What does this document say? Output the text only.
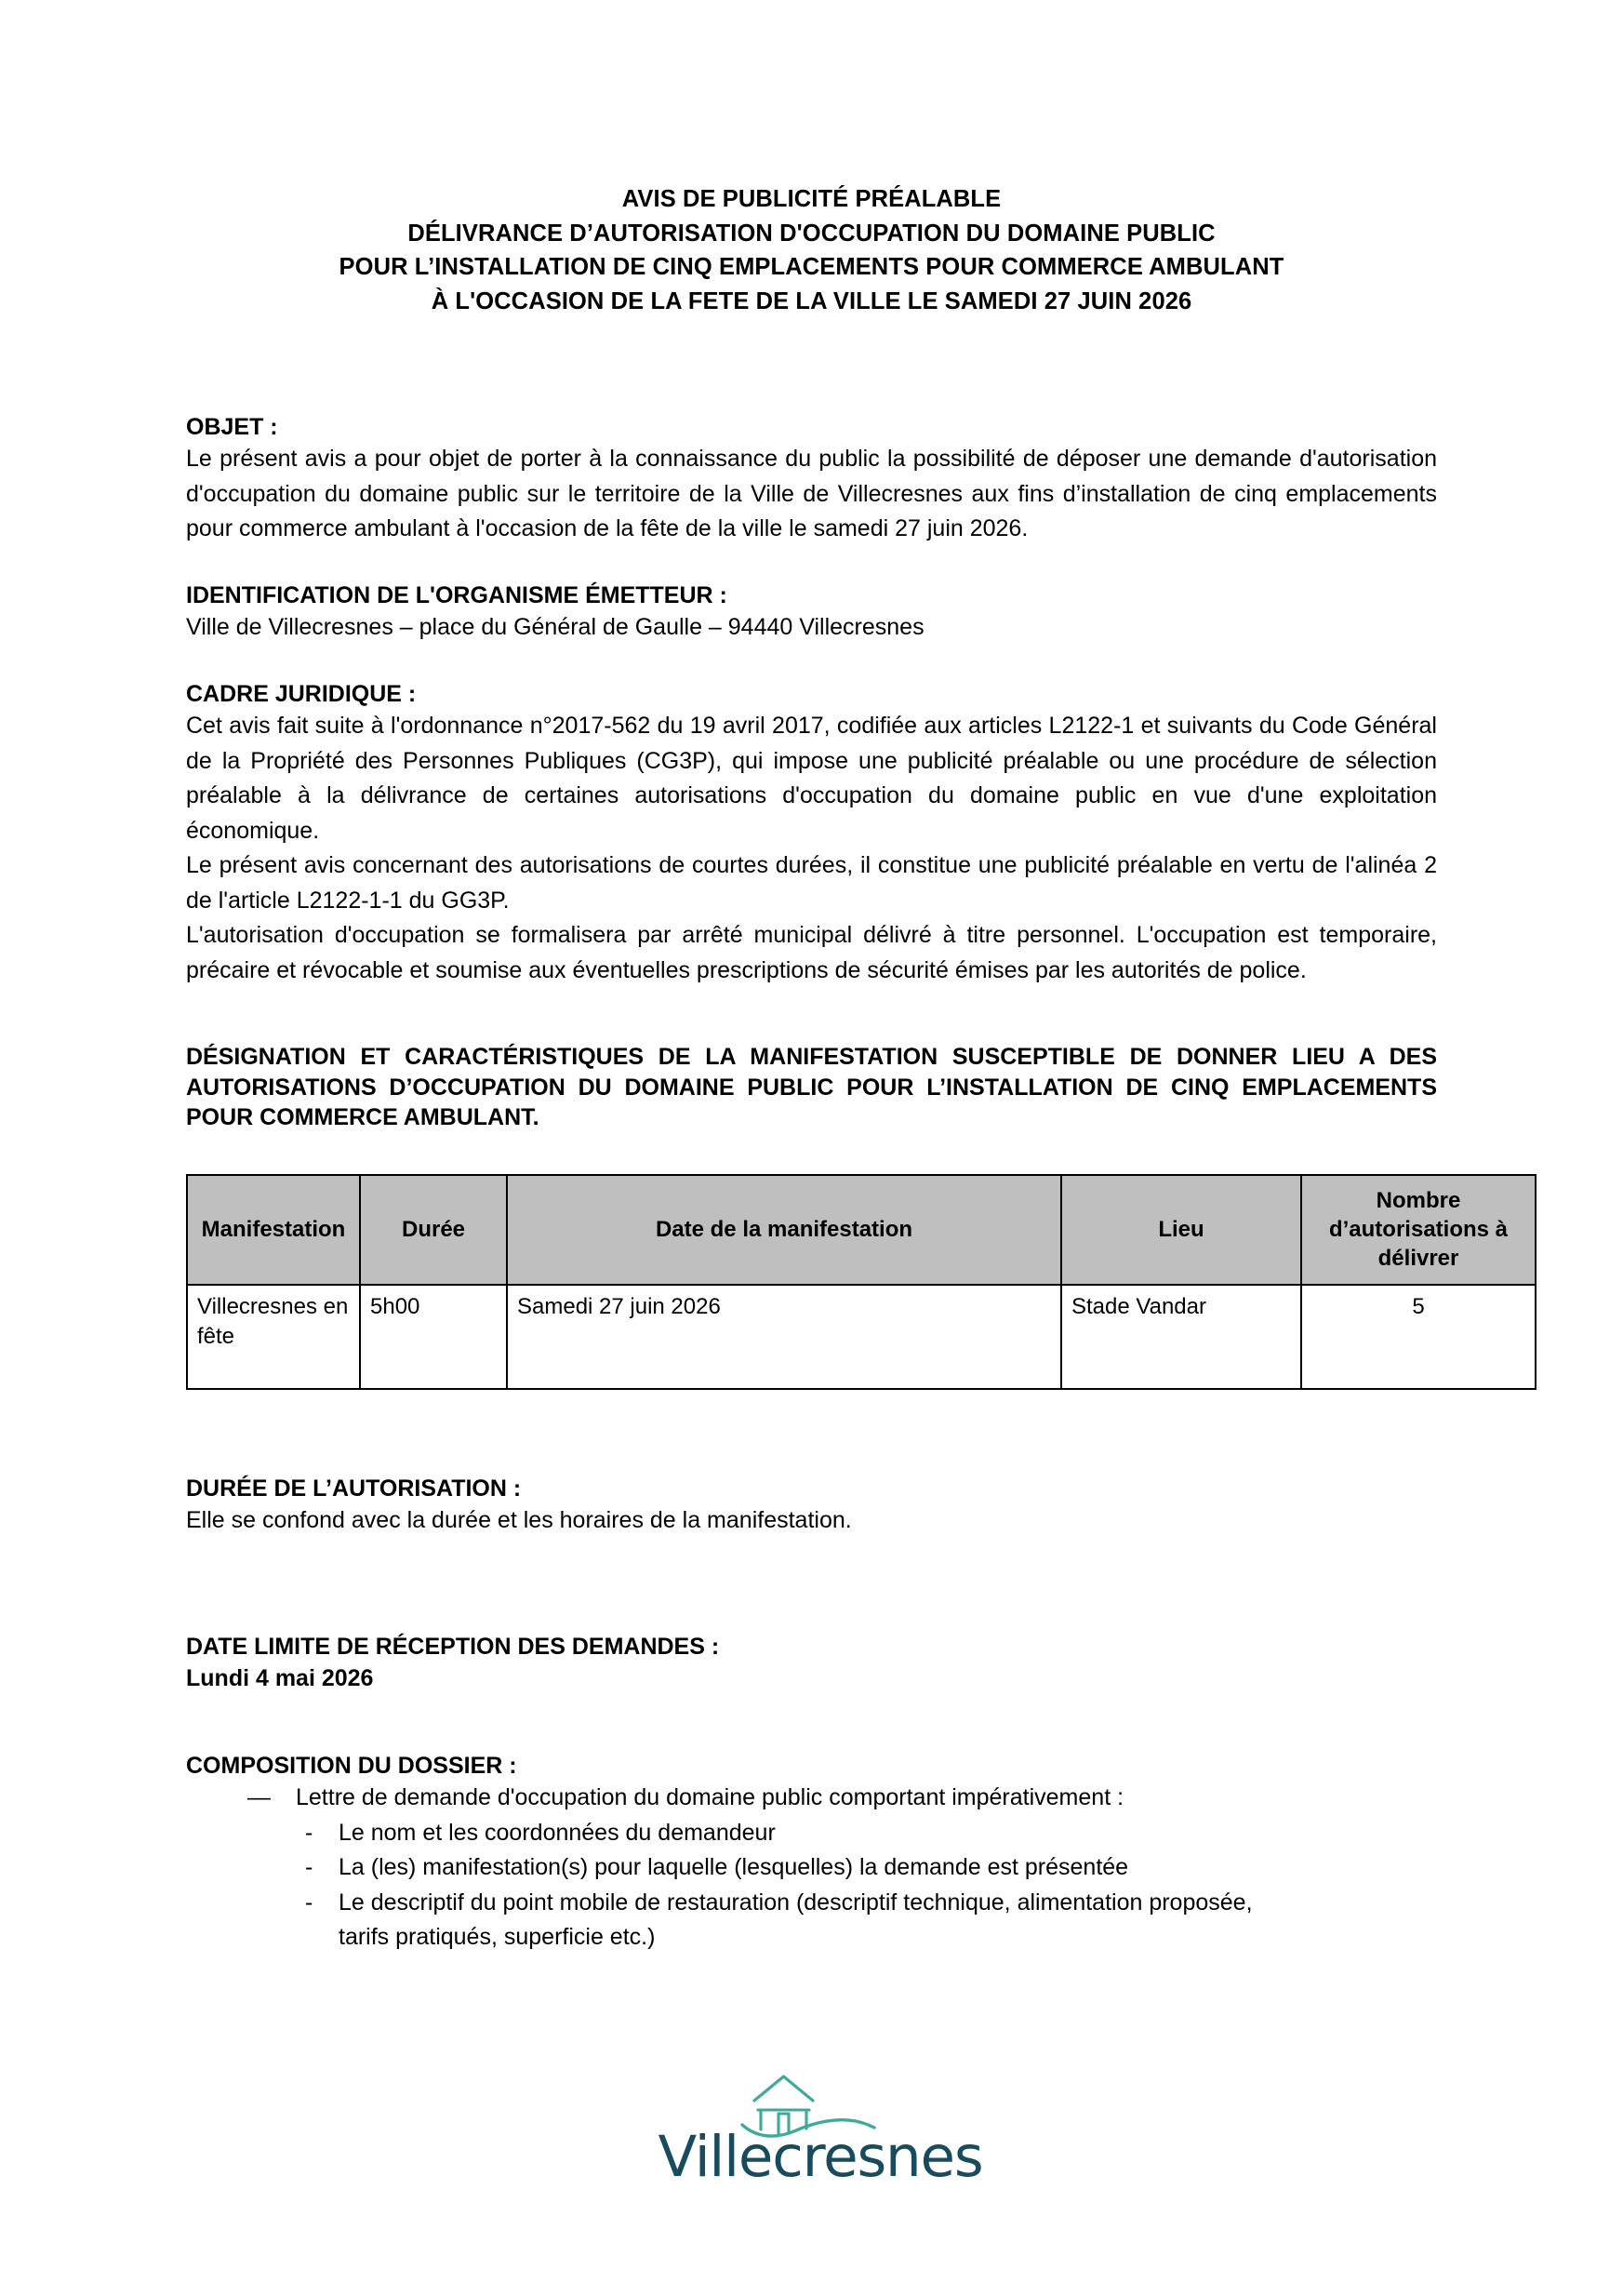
AVIS DE PUBLICITÉ PRÉALABLE
DÉLIVRANCE D’AUTORISATION D'OCCUPATION DU DOMAINE PUBLIC
POUR L’INSTALLATION DE CINQ EMPLACEMENTS POUR COMMERCE AMBULANT
À L'OCCASION DE LA FETE DE LA VILLE LE SAMEDI 27 JUIN 2026
OBJET :
Le présent avis a pour objet de porter à la connaissance du public la possibilité de déposer une demande d'autorisation d'occupation du domaine public sur le territoire de la Ville de Villecresnes aux fins d’installation de cinq emplacements pour commerce ambulant à l'occasion de la fête de la ville le samedi 27 juin 2026.
IDENTIFICATION DE L'ORGANISME ÉMETTEUR :
Ville de Villecresnes – place du Général de Gaulle – 94440 Villecresnes
CADRE JURIDIQUE :
Cet avis fait suite à l'ordonnance n°2017-562 du 19 avril 2017, codifiée aux articles L2122-1 et suivants du Code Général de la Propriété des Personnes Publiques (CG3P), qui impose une publicité préalable ou une procédure de sélection préalable à la délivrance de certaines autorisations d'occupation du domaine public en vue d'une exploitation économique.
Le présent avis concernant des autorisations de courtes durées, il constitue une publicité préalable en vertu de l'alinéa 2 de l'article L2122-1-1 du GG3P.
L'autorisation d'occupation se formalisera par arrêté municipal délivré à titre personnel. L'occupation est temporaire, précaire et révocable et soumise aux éventuelles prescriptions de sécurité émises par les autorités de police.
DÉSIGNATION ET CARACTÉRISTIQUES DE LA MANIFESTATION SUSCEPTIBLE DE DONNER LIEU A DES AUTORISATIONS D’OCCUPATION DU DOMAINE PUBLIC POUR L’INSTALLATION DE CINQ EMPLACEMENTS POUR COMMERCE AMBULANT.
Manifestation	Durée	Date de la manifestation	Lieu	Nombre d’autorisations à délivrer
Villecresnes en fête	5h00	Samedi 27 juin 2026	Stade Vandar	5
DURÉE DE L’AUTORISATION :
Elle se confond avec la durée et les horaires de la manifestation.
DATE LIMITE DE RÉCEPTION DES DEMANDES :
Lundi 4 mai 2026
COMPOSITION DU DOSSIER :
—	Lettre de demande d'occupation du domaine public comportant impérativement :
-	Le nom et les coordonnées du demandeur
-	La (les) manifestation(s) pour laquelle (lesquelles) la demande est présentée
-	Le descriptif du point mobile de restauration (descriptif technique, alimentation proposée, tarifs pratiqués, superficie etc.)
Villecresnes
